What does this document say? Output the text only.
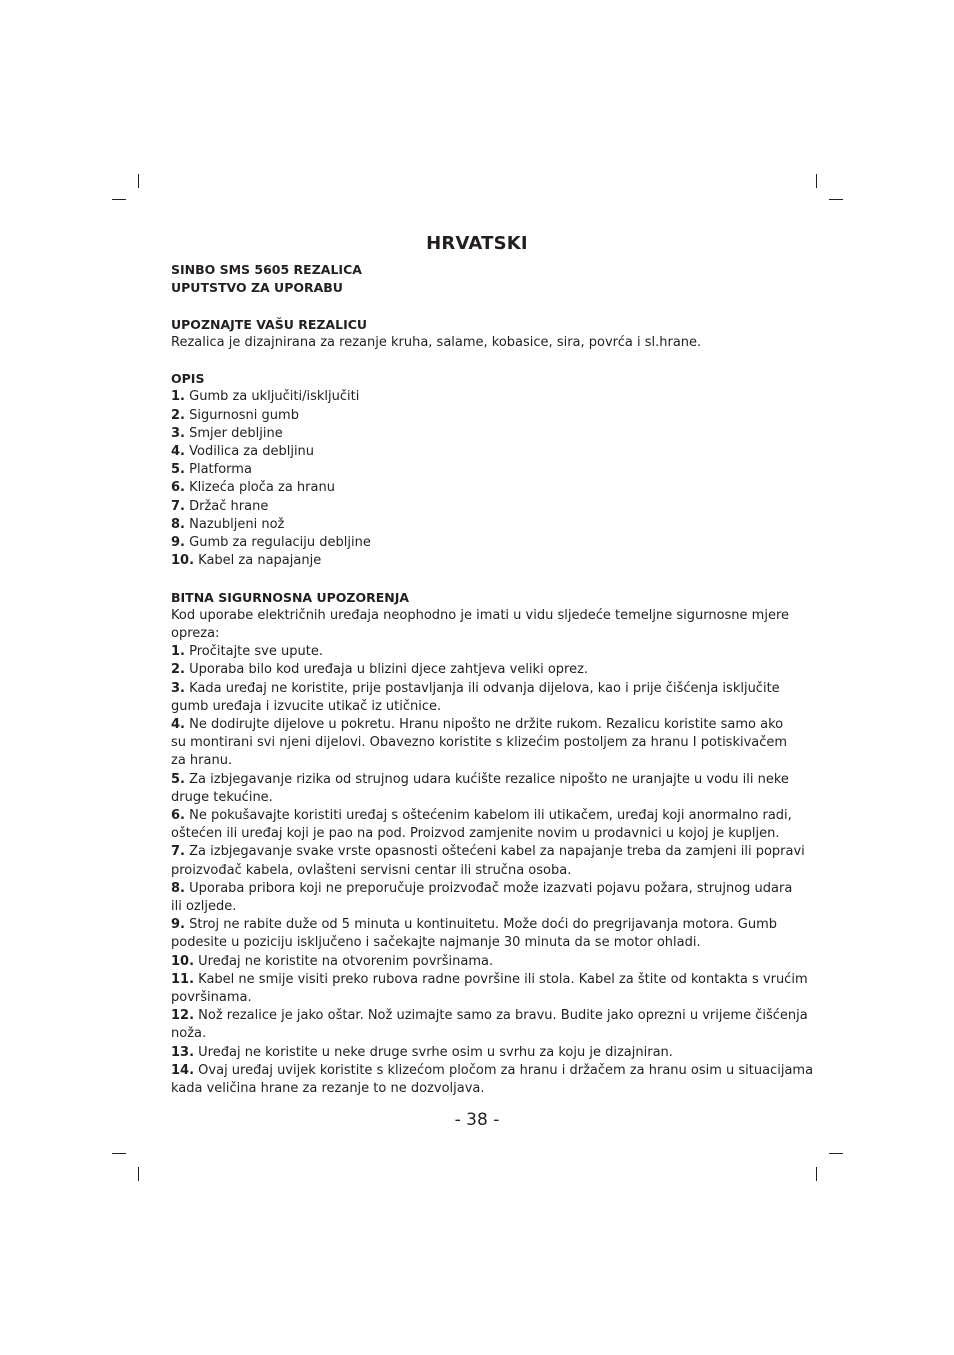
HRVATSKI
SINBO SMS 5605 REZALICA
UPUTSTVO ZA UPORABU
UPOZNAJTE VAŠU REZALICU
Rezalica je dizajnirana za rezanje kruha, salame, kobasice, sira, povrća i sl.hrane.
OPIS
1. Gumb za uključiti/isključiti
2. Sigurnosni gumb
3. Smjer debljine
4. Vodilica za debljinu
5. Platforma
6. Klizeća ploča za hranu
7. Držač hrane
8. Nazubljeni nož
9. Gumb za regulaciju debljine
10. Kabel za napajanje
BITNA SIGURNOSNA UPOZORENJA
Kod uporabe električnih uređaja neophodno je imati u vidu sljedeće temeljne sigurnosne mjere
opreza:
1. Pročitajte sve upute.
2. Uporaba bilo kod uređaja u blizini djece zahtjeva veliki oprez.
3. Kada uređaj ne koristite, prije postavljanja ili odvanja dijelova, kao i prije čišćenja isključite
gumb uređaja i izvucite utikač iz utičnice.
4. Ne dodirujte dijelove u pokretu. Hranu nipošto ne držite rukom. Rezalicu koristite samo ako
su montirani svi njeni dijelovi. Obavezno koristite s klizećim postoljem za hranu I potiskivačem
za hranu.
5. Za izbjegavanje rizika od strujnog udara kućište rezalice nipošto ne uranjajte u vodu ili neke
druge tekućine.
6. Ne pokušavajte koristiti uređaj s oštećenim kabelom ili utikačem, uređaj koji anormalno radi,
oštećen ili uređaj koji je pao na pod. Proizvod zamjenite novim u prodavnici u kojoj je kupljen.
7. Za izbjegavanje svake vrste opasnosti oštećeni kabel za napajanje treba da zamjeni ili popravi
proizvođač kabela, ovlašteni servisni centar ili stručna osoba.
8. Uporaba pribora koji ne preporučuje proizvođač može izazvati pojavu požara, strujnog udara
ili ozljede.
9. Stroj ne rabite duže od 5 minuta u kontinuitetu. Može doći do pregrijavanja motora. Gumb
podesite u poziciju isključeno i sačekajte najmanje 30 minuta da se motor ohladi.
10. Uređaj ne koristite na otvorenim površinama.
11. Kabel ne smije visiti preko rubova radne površine ili stola. Kabel za štite od kontakta s vrućim
površinama.
12. Nož rezalice je jako oštar. Nož uzimajte samo za bravu. Budite jako oprezni u vrijeme čišćenja
noža.
13. Uređaj ne koristite u neke druge svrhe osim u svrhu za koju je dizajniran.
14. Ovaj uređaj uvijek koristite s klizećom pločom za hranu i držačem za hranu osim u situacijama
kada veličina hrane za rezanje to ne dozvoljava.
- 38 -
